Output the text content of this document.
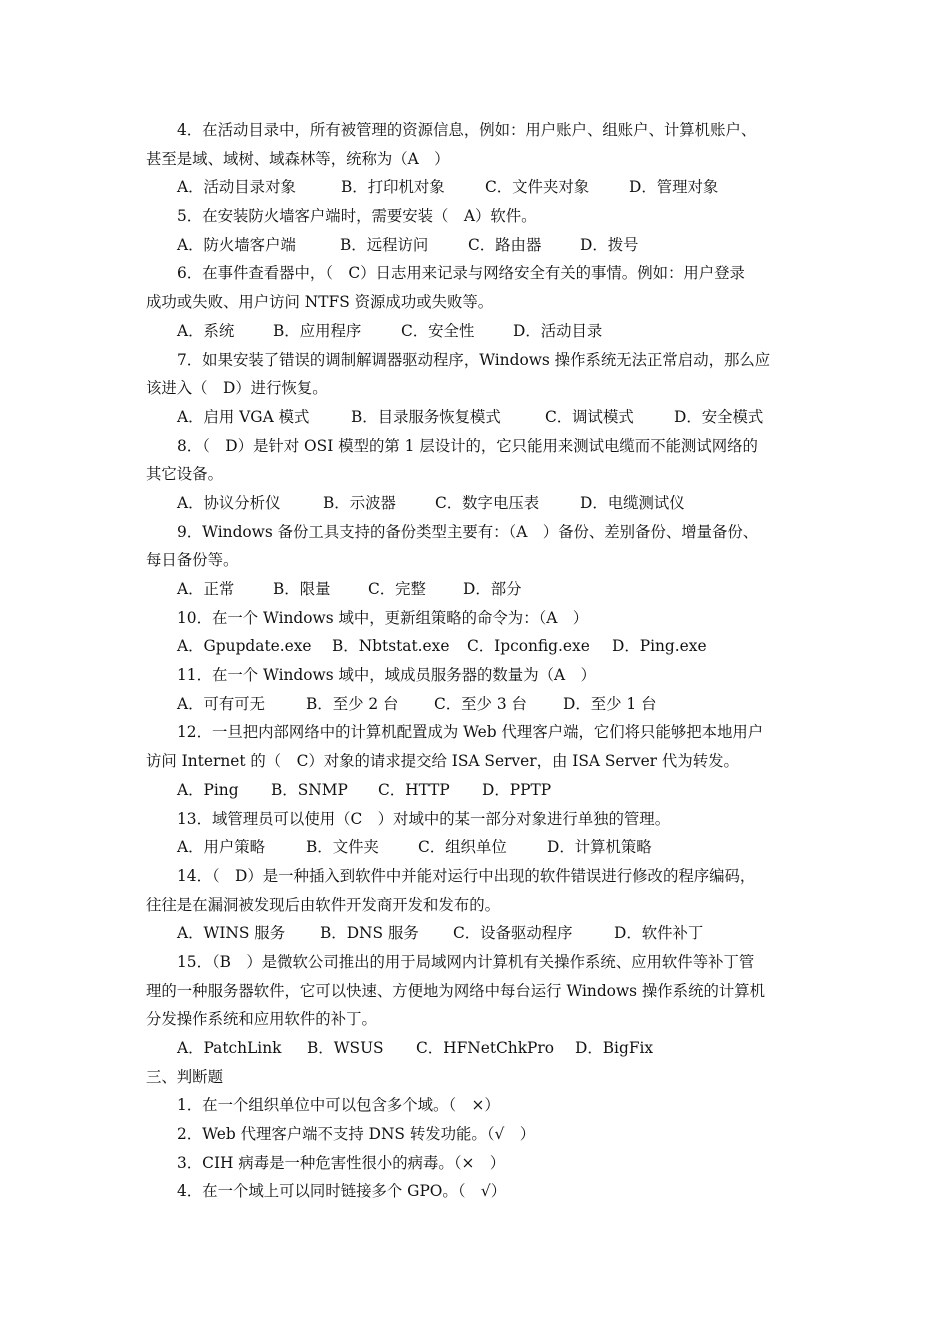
4．在活动目录中，所有被管理的资源信息，例如：用户账户、组账户、计算机账户、
甚至是域、域树、域森林等，统称为（A　）
A．活动目录对象	B．打印机对象	C．文件夹对象	D．管理对象
5．在安装防火墙客户端时，需要安装（　A）软件。
A．防火墙客户端	B．远程访问	C．路由器	D．拨号
6．在事件查看器中，（　C）日志用来记录与网络安全有关的事情。例如：用户登录
成功或失败、用户访问 NTFS 资源成功或失败等。
A．系统	B．应用程序	C．安全性	D．活动目录
7．如果安装了错误的调制解调器驱动程序，Windows 操作系统无法正常启动，那么应
该进入（　D）进行恢复。
A．启用 VGA 模式	B．目录服务恢复模式	C．调试模式	D．安全模式
8．（　D）是针对 OSI 模型的第 1 层设计的，它只能用来测试电缆而不能测试网络的
其它设备。
A．协议分析仪	B．示波器	C．数字电压表	D．电缆测试仪
9．Windows 备份工具支持的备份类型主要有：（A　）备份、差别备份、增量备份、
每日备份等。
A．正常	B．限量 C．完整 D．部分
10．在一个 Windows 域中，更新组策略的命令为：（A　）
A．Gpupdate.exe B．Nbtstat.exe C．Ipconfig.exe D．Ping.exe
11．在一个 Windows 域中，域成员服务器的数量为（A　）
A．可有可无	B．至少 2 台 C．至少 3 台 D．至少 1 台
12．一旦把内部网络中的计算机配置成为 Web 代理客户端，它们将只能够把本地用户
访问 Internet 的（　C）对象的请求提交给 ISA Server，由 ISA Server 代为转发。
A．Ping B．SNMP C．HTTP D．PPTP
13．域管理员可以使用（C　）对域中的某一部分对象进行单独的管理。
A．用户策略	B．文件夹	C．组织单位	D．计算机策略
14．（　D）是一种插入到软件中并能对运行中出现的软件错误进行修改的程序编码，
往往是在漏洞被发现后由软件开发商开发和发布的。
A．WINS 服务 B．DNS 服务 C．设备驱动程序	D．软件补丁
15．（B　）是微软公司推出的用于局域网内计算机有关操作系统、应用软件等补丁管
理的一种服务器软件，它可以快速、方便地为网络中每台运行 Windows 操作系统的计算机
分发操作系统和应用软件的补丁。
A．PatchLink B．WSUS C．HFNetChkPro D．BigFix
三、判断题
1．在一个组织单位中可以包含多个域。（　×）
2．Web 代理客户端不支持 DNS 转发功能。（√　）
3．CIH 病毒是一种危害性很小的病毒。（×　）
4．在一个域上可以同时链接多个 GPO。（　√）
